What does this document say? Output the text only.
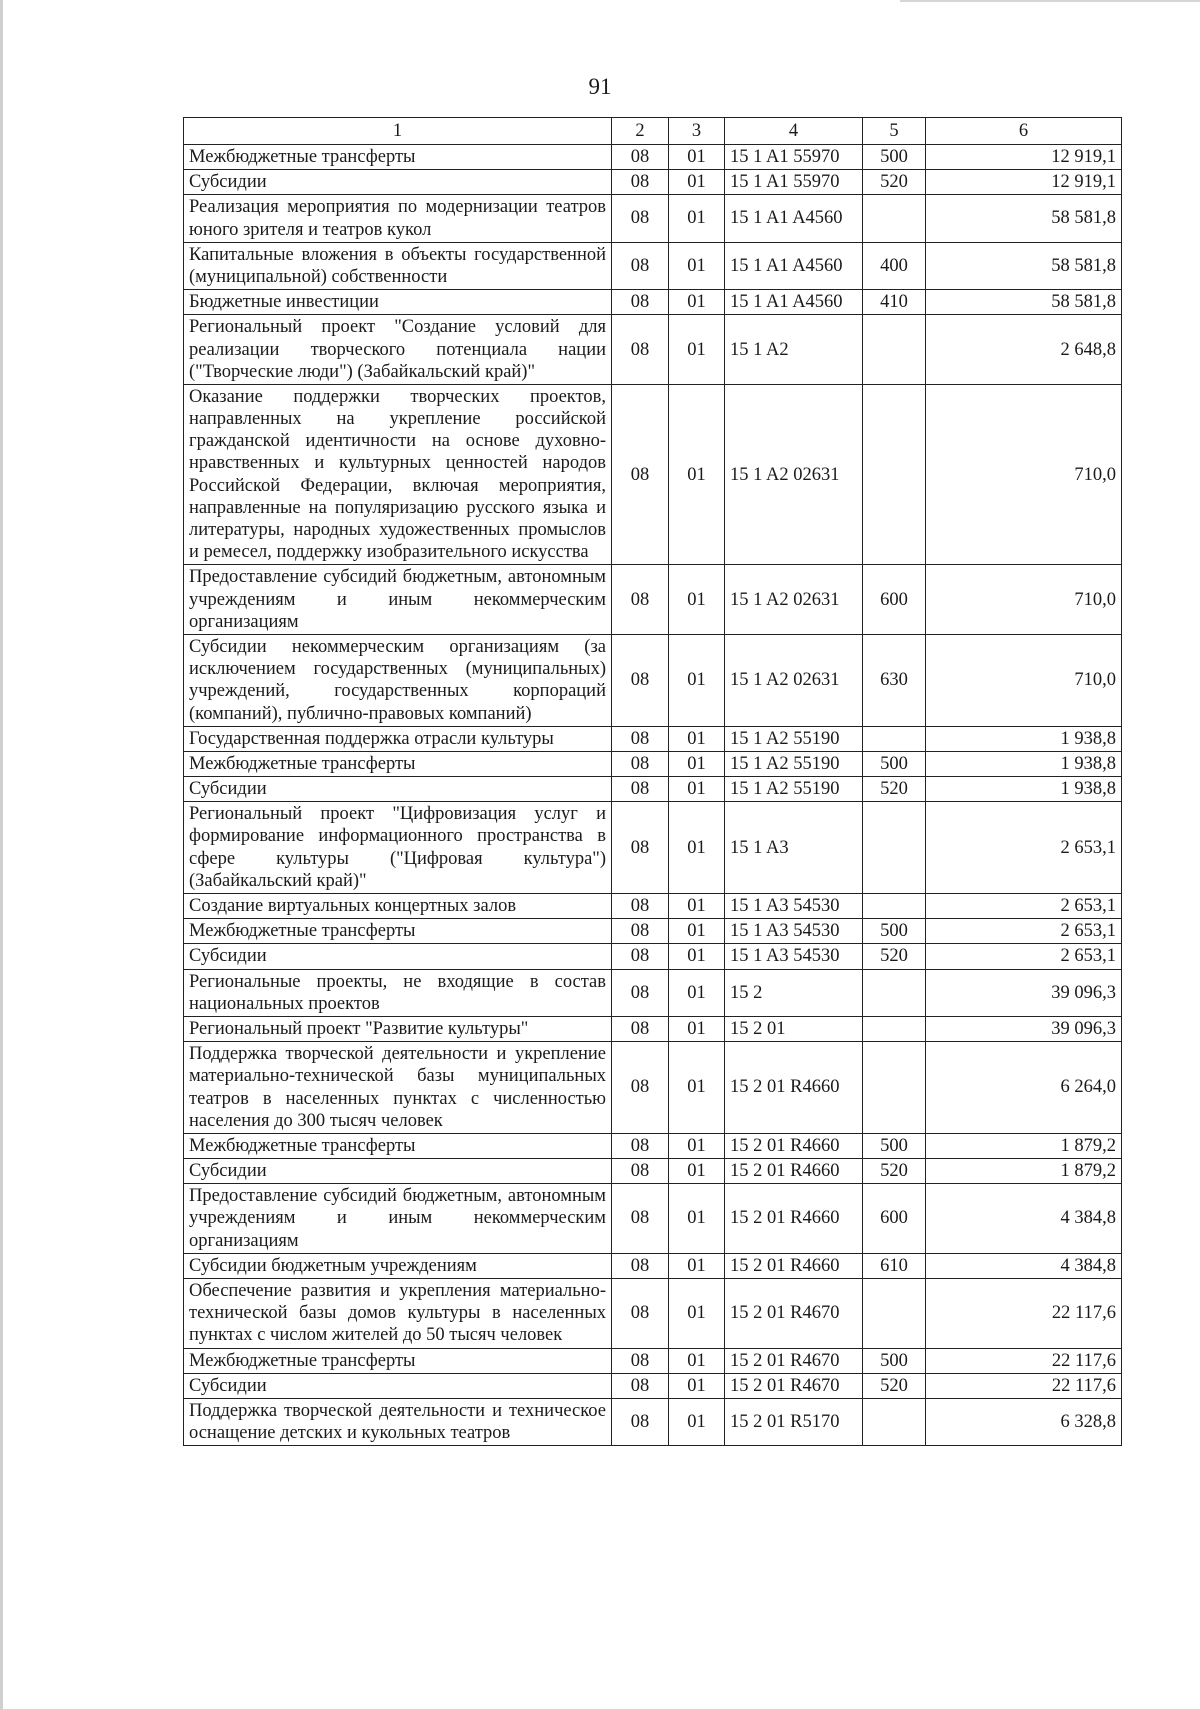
91
1	2	3	4	5	6
Межбюджетные трансферты	08	01	15 1 A1 55970	500	12 919,1
Субсидии	08	01	15 1 A1 55970	520	12 919,1
Реализация мероприятия по модернизации театров юного зрителя и театров кукол	08	01	15 1 A1 A4560		58 581,8
Капитальные вложения в объекты государственной (муниципальной) собственности	08	01	15 1 A1 A4560	400	58 581,8
Бюджетные инвестиции	08	01	15 1 A1 A4560	410	58 581,8
Региональный проект "Создание условий для реализации творческого потенциала нации ("Творческие люди") (Забайкальский край)"	08	01	15 1 A2		2 648,8
Оказание поддержки творческих проектов, направленных на укрепление российской гражданской идентичности на основе духовно-нравственных и культурных ценностей народов Российской Федерации, включая мероприятия, направленные на популяризацию русского языка и литературы, народных художественных промыслов и ремесел, поддержку изобразительного искусства	08	01	15 1 A2 02631		710,0
Предоставление субсидий бюджетным, автономным учреждениям и иным некоммерческим организациям	08	01	15 1 A2 02631	600	710,0
Субсидии некоммерческим организациям (за исключением государственных (муниципальных) учреждений, государственных корпораций (компаний), публично-правовых компаний)	08	01	15 1 A2 02631	630	710,0
Государственная поддержка отрасли культуры	08	01	15 1 A2 55190		1 938,8
Межбюджетные трансферты	08	01	15 1 A2 55190	500	1 938,8
Субсидии	08	01	15 1 A2 55190	520	1 938,8
Региональный проект "Цифровизация услуг и формирование информационного пространства в сфере культуры ("Цифровая культура") (Забайкальский край)"	08	01	15 1 A3		2 653,1
Создание виртуальных концертных залов	08	01	15 1 A3 54530		2 653,1
Межбюджетные трансферты	08	01	15 1 A3 54530	500	2 653,1
Субсидии	08	01	15 1 A3 54530	520	2 653,1
Региональные проекты, не входящие в состав национальных проектов	08	01	15 2		39 096,3
Региональный проект "Развитие культуры"	08	01	15 2 01		39 096,3
Поддержка творческой деятельности и укрепление материально-технической базы муниципальных театров в населенных пунктах с численностью населения до 300 тысяч человек	08	01	15 2 01 R4660		6 264,0
Межбюджетные трансферты	08	01	15 2 01 R4660	500	1 879,2
Субсидии	08	01	15 2 01 R4660	520	1 879,2
Предоставление субсидий бюджетным, автономным учреждениям и иным некоммерческим организациям	08	01	15 2 01 R4660	600	4 384,8
Субсидии бюджетным учреждениям	08	01	15 2 01 R4660	610	4 384,8
Обеспечение развития и укрепления материально-технической базы домов культуры в населенных пунктах с числом жителей до 50 тысяч человек	08	01	15 2 01 R4670		22 117,6
Межбюджетные трансферты	08	01	15 2 01 R4670	500	22 117,6
Субсидии	08	01	15 2 01 R4670	520	22 117,6
Поддержка творческой деятельности и техническое оснащение детских и кукольных театров	08	01	15 2 01 R5170		6 328,8
